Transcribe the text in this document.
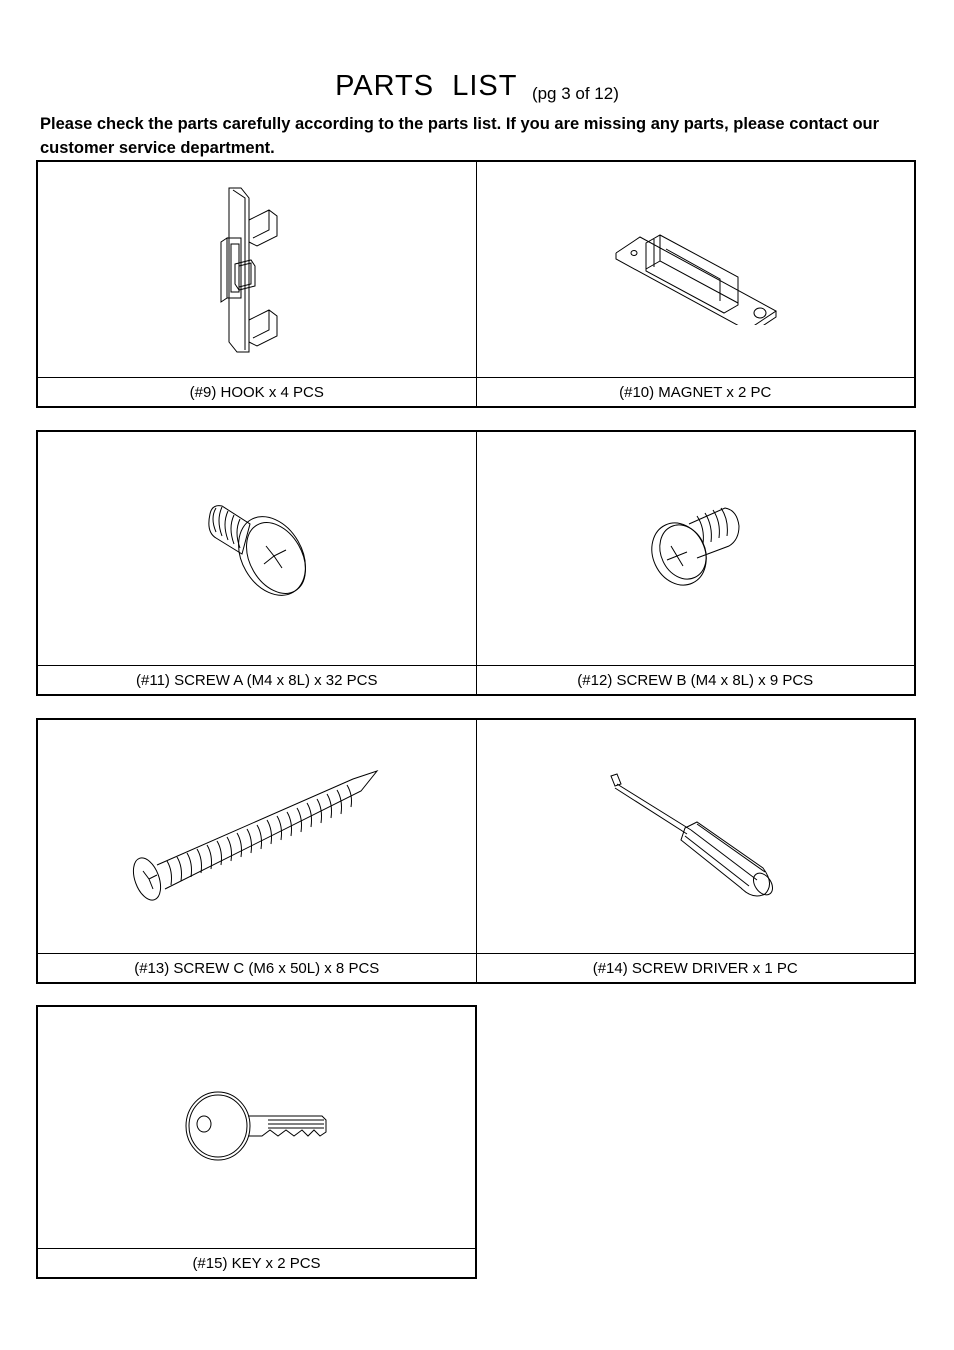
PARTS  LIST (pg 3 of 12)
Please check the parts carefully according to the parts list. If you are missing any parts, please contact our customer service department.
(#9) HOOK x 4 PCS	(#10) MAGNET x 2 PC
(#11) SCREW A (M4 x 8L) x 32 PCS	(#12) SCREW B (M4 x 8L) x 9 PCS
(#13) SCREW C (M6 x 50L) x 8 PCS	(#14) SCREW DRIVER x 1 PC
(#15) KEY x 2 PCS
